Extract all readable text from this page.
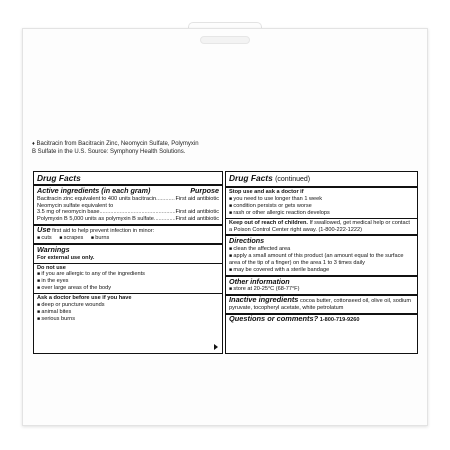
♦ Bacitracin from Bacitracin Zinc, Neomycin Sulfate, Polymyxin B Sulfate in the U.S. Source: Symphony Health Solutions.
Drug Facts
Active ingredients (in each gram)	Purpose
Bacitracin zinc equivalent to 400 units bacitracin .....	First aid antibiotic
Neomycin sulfate equivalent to
3.5 mg of neomycin base .....	First aid antibiotic
Polymyxin B 5,000 units as polymyxin B sulfate .....	First aid antibiotic
Use first aid to help prevent infection in minor:
■ cuts ■ scrapes ■ burns
Warnings
For external use only.
Do not use
■ if you are allergic to any of the ingredients
■ in the eyes
■ over large areas of the body
Ask a doctor before use if you have
■ deep or puncture wounds
■ animal bites
■ serious burns
Drug Facts (continued)
Stop use and ask a doctor if
■ you need to use longer than 1 week
■ condition persists or gets worse
■ rash or other allergic reaction develops
Keep out of reach of children. If swallowed, get medical help or contact a Poison Control Center right away. (1-800-222-1222)
Directions
■ clean the affected area
■ apply a small amount of this product (an amount equal to the surface area of the tip of a finger) on the area 1 to 3 times daily
■ may be covered with a sterile bandage
Other information
■ store at 20-25°C (68-77°F)
Inactive ingredients cocoa butter, cottonseed oil, olive oil, sodium pyruvate, tocopheryl acetate, white petrolatum
Questions or comments? 1-800-719-9260
